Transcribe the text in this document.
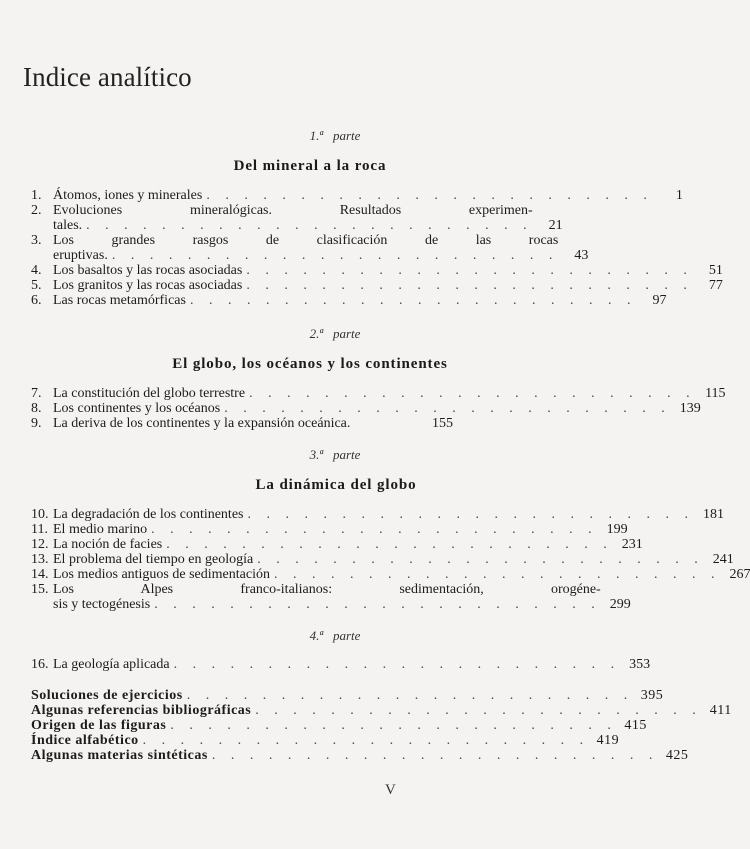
Indice analítico
1.ª parte
Del mineral a la roca
1. Átomos, iones y minerales . . . . . . . . . . . . . . . . . . . . . . . .	1
2. Evoluciones mineralógicas. Resultados experimen-
tales. . . . . . . . . . . . . . . . . . . . . . . . .	21
3. Los grandes rasgos de clasificación de las rocas
eruptivas. . . . . . . . . . . . . . . . . . . . . . . . .	43
4. Los basaltos y las rocas asociadas . . . . . . . . . . . . . . . . . . . . . . . .	51
5. Los granitos y las rocas asociadas . . . . . . . . . . . . . . . . . . . . . . . .	77
6. Las rocas metamórficas . . . . . . . . . . . . . . . . . . . . . . . .	97
2.ª parte
El globo, los océanos y los continentes
7. La constitución del globo terrestre . . . . . . . . . . . . . . . . . . . . . . . . 115
8. Los continentes y los océanos . . . . . . . . . . . . . . . . . . . . . . . . 139
9. La deriva de los continentes y la expansión oceánica.	155
3.ª parte
La dinámica del globo
10. La degradación de los continentes . . . . . . . . . . . . . . . . . . . . . . . . 181
11. El medio marino . . . . . . . . . . . . . . . . . . . . . . . . 199
12. La noción de facies . . . . . . . . . . . . . . . . . . . . . . . . 231
13. El problema del tiempo en geología . . . . . . . . . . . . . . . . . . . . . . . . 241
14. Los medios antiguos de sedimentación . . . . . . . . . . . . . . . . . . . . . . . . 267
15. Los Alpes franco-italianos: sedimentación, orogéne-
sis y tectogénesis . . . . . . . . . . . . . . . . . . . . . . . . 299
4.ª parte
16. La geología aplicada . . . . . . . . . . . . . . . . . . . . . . . . 353
Soluciones de ejercicios . . . . . . . . . . . . . . . . . . . . . . . . 395
Algunas referencias bibliográficas . . . . . . . . . . . . . . . . . . . . . . . . 411
Origen de las figuras . . . . . . . . . . . . . . . . . . . . . . . . 415
Índice alfabético . . . . . . . . . . . . . . . . . . . . . . . . 419
Algunas materias sintéticas . . . . . . . . . . . . . . . . . . . . . . . . 425
V
